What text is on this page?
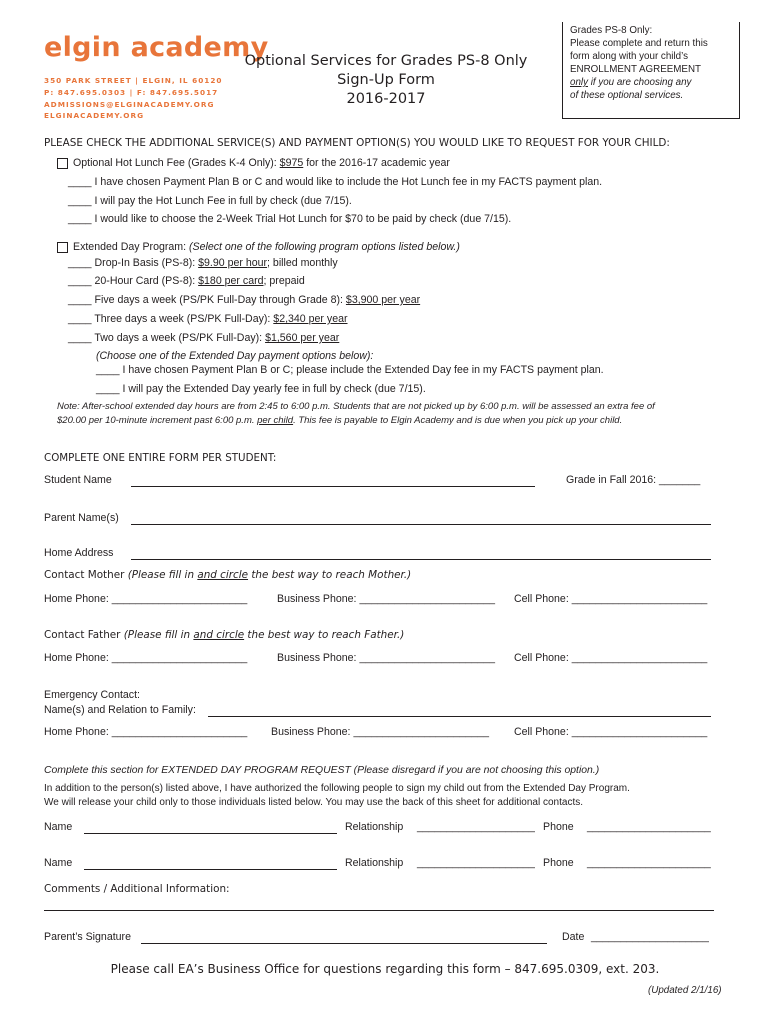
elgin academy
350 PARK STREET | ELGIN, IL 60120
P: 847.695.0303 | F: 847.695.5017
ADMISSIONS@ELGINACADEMY.ORG
ELGINACADEMY.ORG
Optional Services for Grades PS-8 Only
Sign-Up Form
2016-2017
Grades PS-8 Only:
Please complete and return this
form along with your child’s
ENROLLMENT AGREEMENT
only if you are choosing any
of these optional services.
PLEASE CHECK THE ADDITIONAL SERVICE(S) AND PAYMENT OPTION(S) YOU WOULD LIKE TO REQUEST FOR YOUR CHILD:
Optional Hot Lunch Fee (Grades K-4 Only): $975 for the 2016-17 academic year
____ I have chosen Payment Plan B or C and would like to include the Hot Lunch fee in my FACTS payment plan.
____ I will pay the Hot Lunch Fee in full by check (due 7/15).
____ I would like to choose the 2-Week Trial Hot Lunch for $70 to be paid by check (due 7/15).
Extended Day Program: (Select one of the following program options listed below.)
____ Drop-In Basis (PS-8): $9.90 per hour; billed monthly
____ 20-Hour Card (PS-8): $180 per card; prepaid
____ Five days a week (PS/PK Full-Day through Grade 8): $3,900 per year
____ Three days a week (PS/PK Full-Day): $2,340 per year
____ Two days a week (PS/PK Full-Day): $1,560 per year
(Choose one of the Extended Day payment options below):
____ I have chosen Payment Plan B or C; please include the Extended Day fee in my FACTS payment plan.
____ I will pay the Extended Day yearly fee in full by check (due 7/15).
Note: After-school extended day hours are from 2:45 to 6:00 p.m. Students that are not picked up by 6:00 p.m. will be assessed an extra fee of
$20.00 per 10-minute increment past 6:00 p.m. per child. This fee is payable to Elgin Academy and is due when you pick up your child.
COMPLETE ONE ENTIRE FORM PER STUDENT:
Student Name	Grade in Fall 2016: _______
Parent Name(s)
Home Address
Contact Mother (Please fill in and circle the best way to reach Mother.)
Home Phone: _______________________	Business Phone: _______________________ Cell Phone: _______________________
Contact Father (Please fill in and circle the best way to reach Father.)
Home Phone: _______________________	Business Phone: _______________________ Cell Phone: _______________________
Emergency Contact:
Name(s) and Relation to Family:
Home Phone: _______________________ Business Phone: _______________________ Cell Phone: _______________________
Complete this section for EXTENDED DAY PROGRAM REQUEST (Please disregard if you are not choosing this option.)
In addition to the person(s) listed above, I have authorized the following people to sign my child out from the Extended Day Program.
We will release your child only to those individuals listed below. You may use the back of this sheet for additional contacts.
Name	Relationship ____________________ Phone _____________________
Name	Relationship ____________________ Phone _____________________
Comments / Additional Information:
Parent’s Signature	Date ____________________
Please call EA’s Business Office for questions regarding this form – 847.695.0309, ext. 203.
(Updated 2/1/16)
